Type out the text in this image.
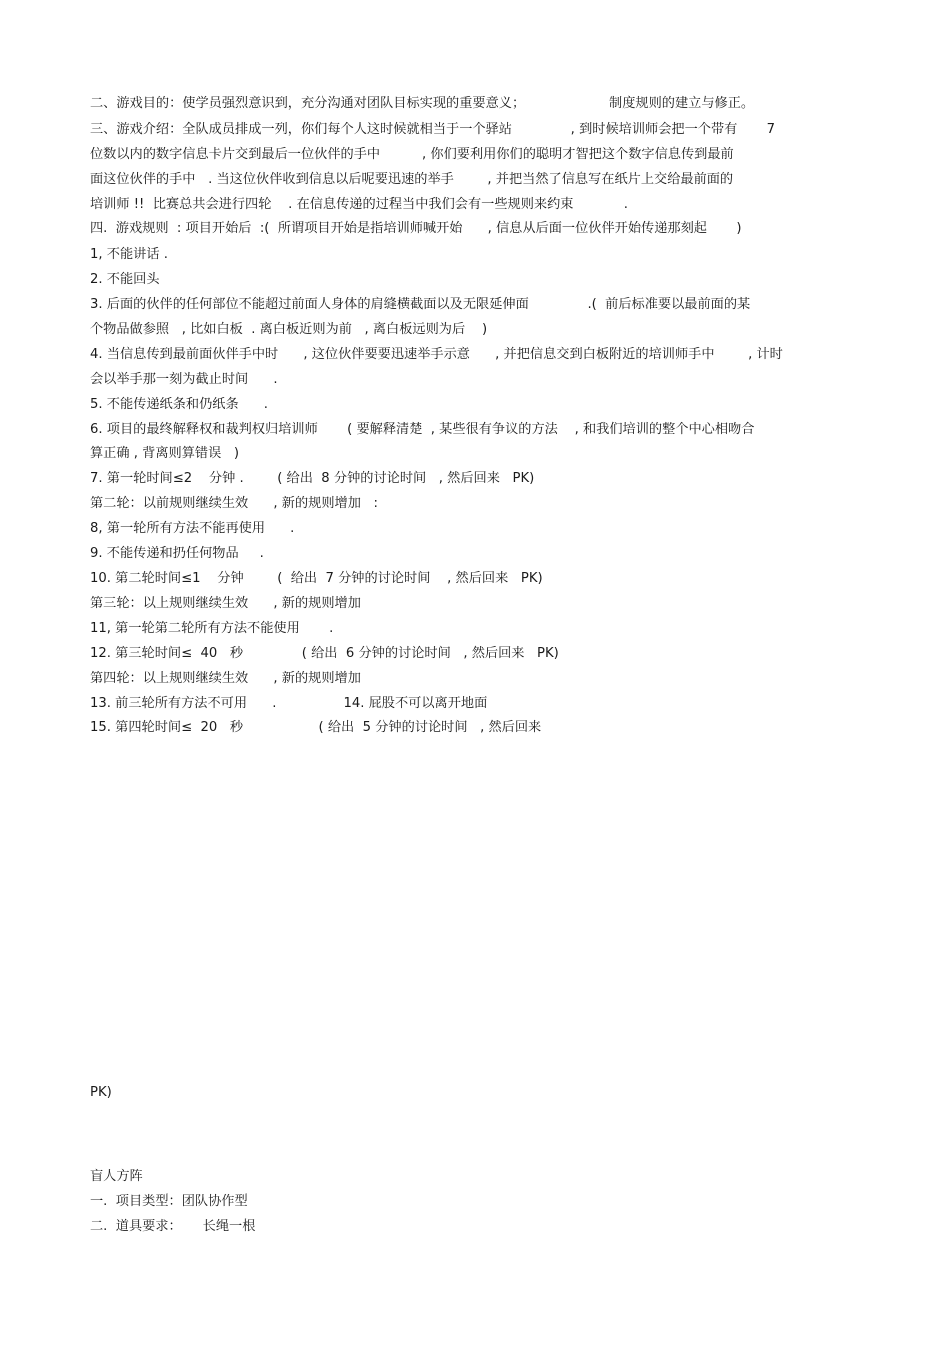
二、游戏目的：使学员强烈意识到，充分沟通对团队目标实现的重要意义；                    制度规则的建立与修正。
三、游戏介绍：全队成员排成一列，你们每个人这时候就相当于一个驿站              , 到时候培训师会把一个带有       7
位数以内的数字信息卡片交到最后一位伙伴的手中          , 你们要利用你们的聪明才智把这个数字信息传到最前
面这位伙伴的手中   . 当这位伙伴收到信息以后呢要迅速的举手        , 并把当然了信息写在纸片上交给最前面的
培训师 !!  比赛总共会进行四轮    . 在信息传递的过程当中我们会有一些规则来约束            .
四.  游戏规则  : 项目开始后  :(  所谓项目开始是指培训师喊开始      , 信息从后面一位伙伴开始传递那刻起       )
1, 不能讲话 .
2. 不能回头
3. 后面的伙伴的任何部位不能超过前面人身体的肩缝横截面以及无限延伸面              .(  前后标准要以最前面的某
个物品做参照   , 比如白板  . 离白板近则为前   , 离白板远则为后    )
4. 当信息传到最前面伙伴手中时      , 这位伙伴要要迅速举手示意      , 并把信息交到白板附近的培训师手中        , 计时
会以举手那一刻为截止时间      .
5. 不能传递纸条和仍纸条      .
6. 项目的最终解释权和裁判权归培训师       ( 要解释清楚  , 某些很有争议的方法    , 和我们培训的整个中心相吻合
算正确 , 背离则算错误   )
7. 第一轮时间≤2    分钟 .        ( 给出  8 分钟的讨论时间   , 然后回来   PK)
第二轮：以前规则继续生效      , 新的规则增加   :
8, 第一轮所有方法不能再使用      .
9. 不能传递和扔任何物品     .
10. 第二轮时间≤1    分钟        (  给出  7 分钟的讨论时间    , 然后回来   PK)
第三轮：以上规则继续生效      , 新的规则增加
11, 第一轮第二轮所有方法不能使用       .
12. 第三轮时间≤  40   秒              ( 给出  6 分钟的讨论时间   , 然后回来   PK)
第四轮：以上规则继续生效      , 新的规则增加
13. 前三轮所有方法不可用      .                14. 屁股不可以离开地面
15. 第四轮时间≤  20   秒                  ( 给出  5 分钟的讨论时间   , 然后回来
PK)
盲人方阵
一.  项目类型：团队协作型
二.  道具要求：     长绳一根
